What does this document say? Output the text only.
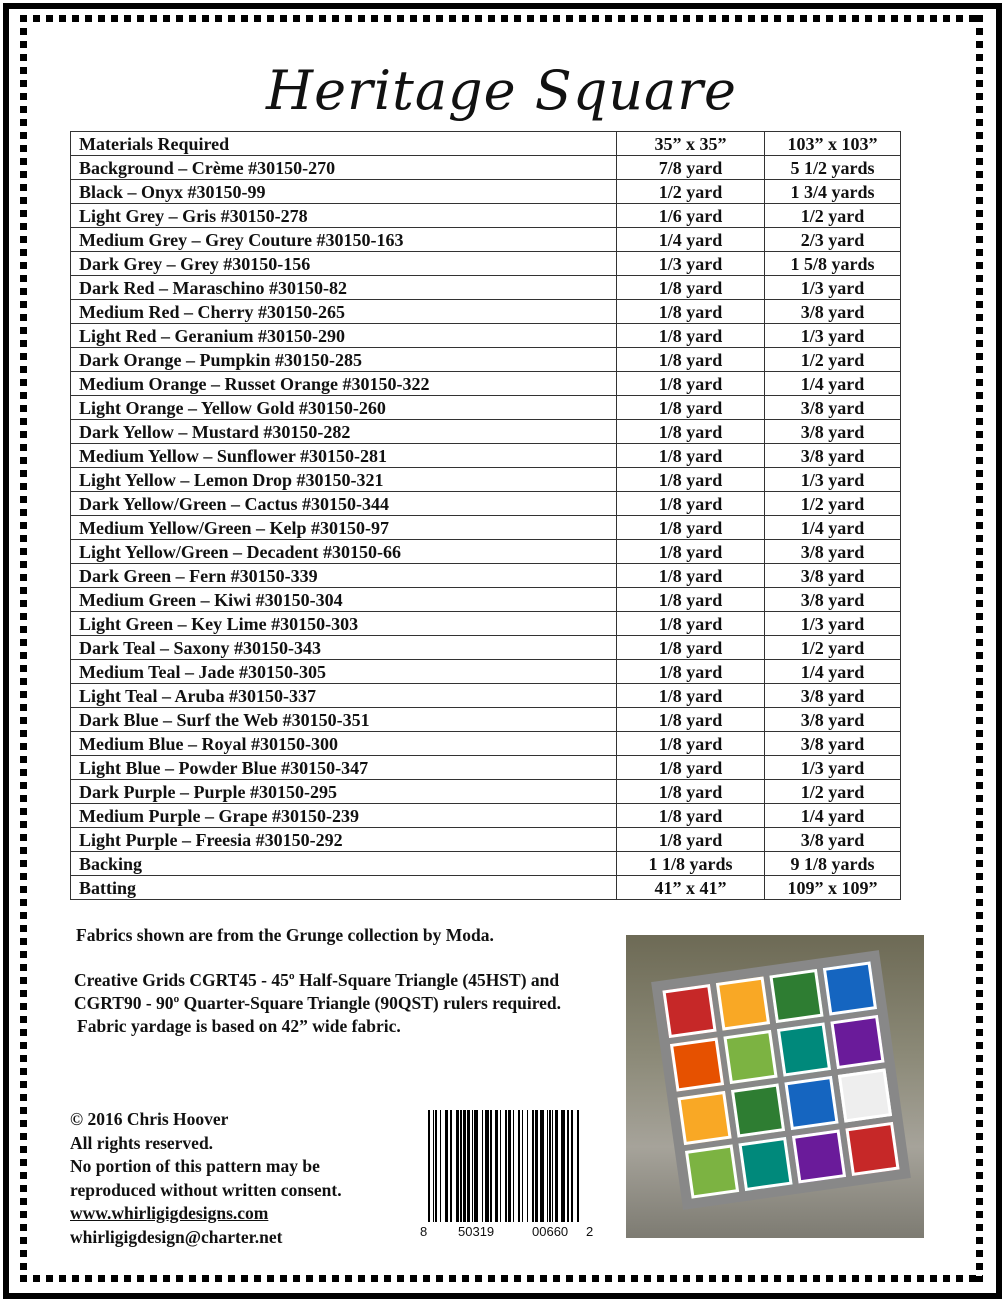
Heritage Square
Materials Required	35” x 35”	103” x 103”
Background – Crème #30150-270	7/8 yard	5 1/2 yards
Black – Onyx #30150-99	1/2 yard	1 3/4 yards
Light Grey – Gris #30150-278	1/6 yard	1/2 yard
Medium Grey – Grey Couture #30150-163	1/4 yard	2/3 yard
Dark Grey – Grey #30150-156	1/3 yard	1 5/8 yards
Dark Red – Maraschino #30150-82	1/8 yard	1/3 yard
Medium Red – Cherry #30150-265	1/8 yard	3/8 yard
Light Red – Geranium #30150-290	1/8 yard	1/3 yard
Dark Orange – Pumpkin #30150-285	1/8 yard	1/2 yard
Medium Orange – Russet Orange #30150-322	1/8 yard	1/4 yard
Light Orange – Yellow Gold #30150-260	1/8 yard	3/8 yard
Dark Yellow – Mustard #30150-282	1/8 yard	3/8 yard
Medium Yellow – Sunflower #30150-281	1/8 yard	3/8 yard
Light Yellow – Lemon Drop #30150-321	1/8 yard	1/3 yard
Dark Yellow/Green – Cactus #30150-344	1/8 yard	1/2 yard
Medium Yellow/Green – Kelp #30150-97	1/8 yard	1/4 yard
Light Yellow/Green – Decadent #30150-66	1/8 yard	3/8 yard
Dark Green – Fern #30150-339	1/8 yard	3/8 yard
Medium Green – Kiwi #30150-304	1/8 yard	3/8 yard
Light Green – Key Lime #30150-303	1/8 yard	1/3 yard
Dark Teal – Saxony #30150-343	1/8 yard	1/2 yard
Medium Teal – Jade #30150-305	1/8 yard	1/4 yard
Light Teal – Aruba #30150-337	1/8 yard	3/8 yard
Dark Blue – Surf the Web #30150-351	1/8 yard	3/8 yard
Medium Blue – Royal #30150-300	1/8 yard	3/8 yard
Light Blue – Powder Blue #30150-347	1/8 yard	1/3 yard
Dark Purple – Purple #30150-295	1/8 yard	1/2 yard
Medium Purple – Grape #30150-239	1/8 yard	1/4 yard
Light Purple – Freesia #30150-292	1/8 yard	3/8 yard
Backing	1 1/8 yards	9 1/8 yards
Batting	41” x 41”	109” x 109”
Fabrics shown are from the Grunge collection by Moda.
Creative Grids CGRT45 - 45º Half-Square Triangle (45HST) and
CGRT90 - 90º Quarter-Square Triangle (90QST) rulers required.
Fabric yardage is based on 42” wide fabric.
© 2016 Chris Hoover
All rights reserved.
No portion of this pattern may be
reproduced without written consent.
www.whirligigdesigns.com
whirligigdesign@charter.net	8 50319	00660 2
